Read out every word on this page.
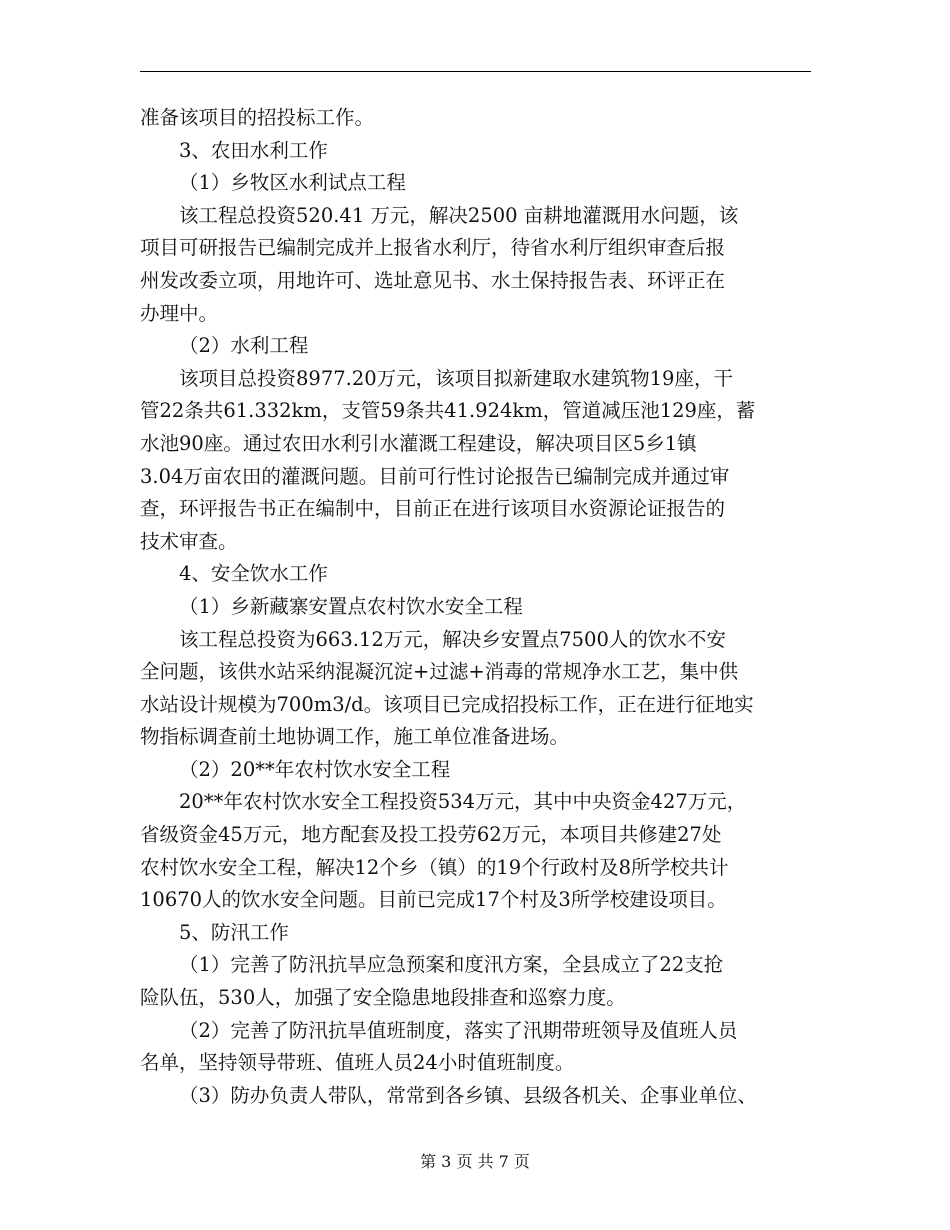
准备该项目的招投标工作。
3、农田水利工作
（1）乡牧区水利试点工程
该工程总投资520.41 万元，解决2500 亩耕地灌溉用水问题，该
项目可研报告已编制完成并上报省水利厅，待省水利厅组织审查后报
州发改委立项，用地许可、选址意见书、水土保持报告表、环评正在
办理中。
（2）水利工程
该项目总投资8977.20万元，该项目拟新建取水建筑物19座，干
管22条共61.332km，支管59条共41.924km，管道减压池129座，蓄
水池90座。通过农田水利引水灌溉工程建设，解决项目区5乡1镇
3.04万亩农田的灌溉问题。目前可行性讨论报告已编制完成并通过审
查，环评报告书正在编制中，目前正在进行该项目水资源论证报告的
技术审查。
4、安全饮水工作
（1）乡新藏寨安置点农村饮水安全工程
该工程总投资为663.12万元，解决乡安置点7500人的饮水不安
全问题，该供水站采纳混凝沉淀+过滤+消毒的常规净水工艺，集中供
水站设计规模为700m3/d。该项目已完成招投标工作，正在进行征地实
物指标调查前土地协调工作，施工单位准备进场。
（2）20**年农村饮水安全工程
20**年农村饮水安全工程投资534万元，其中中央资金427万元，
省级资金45万元，地方配套及投工投劳62万元，本项目共修建27处
农村饮水安全工程，解决12个乡（镇）的19个行政村及8所学校共计
10670人的饮水安全问题。目前已完成17个村及3所学校建设项目。
5、防汛工作
（1）完善了防汛抗旱应急预案和度汛方案，全县成立了22支抢
险队伍，530人，加强了安全隐患地段排查和巡察力度。
（2）完善了防汛抗旱值班制度，落实了汛期带班领导及值班人员
名单，坚持领导带班、值班人员24小时值班制度。
（3）防办负责人带队，常常到各乡镇、县级各机关、企事业单位、
第 3 页 共 7 页
